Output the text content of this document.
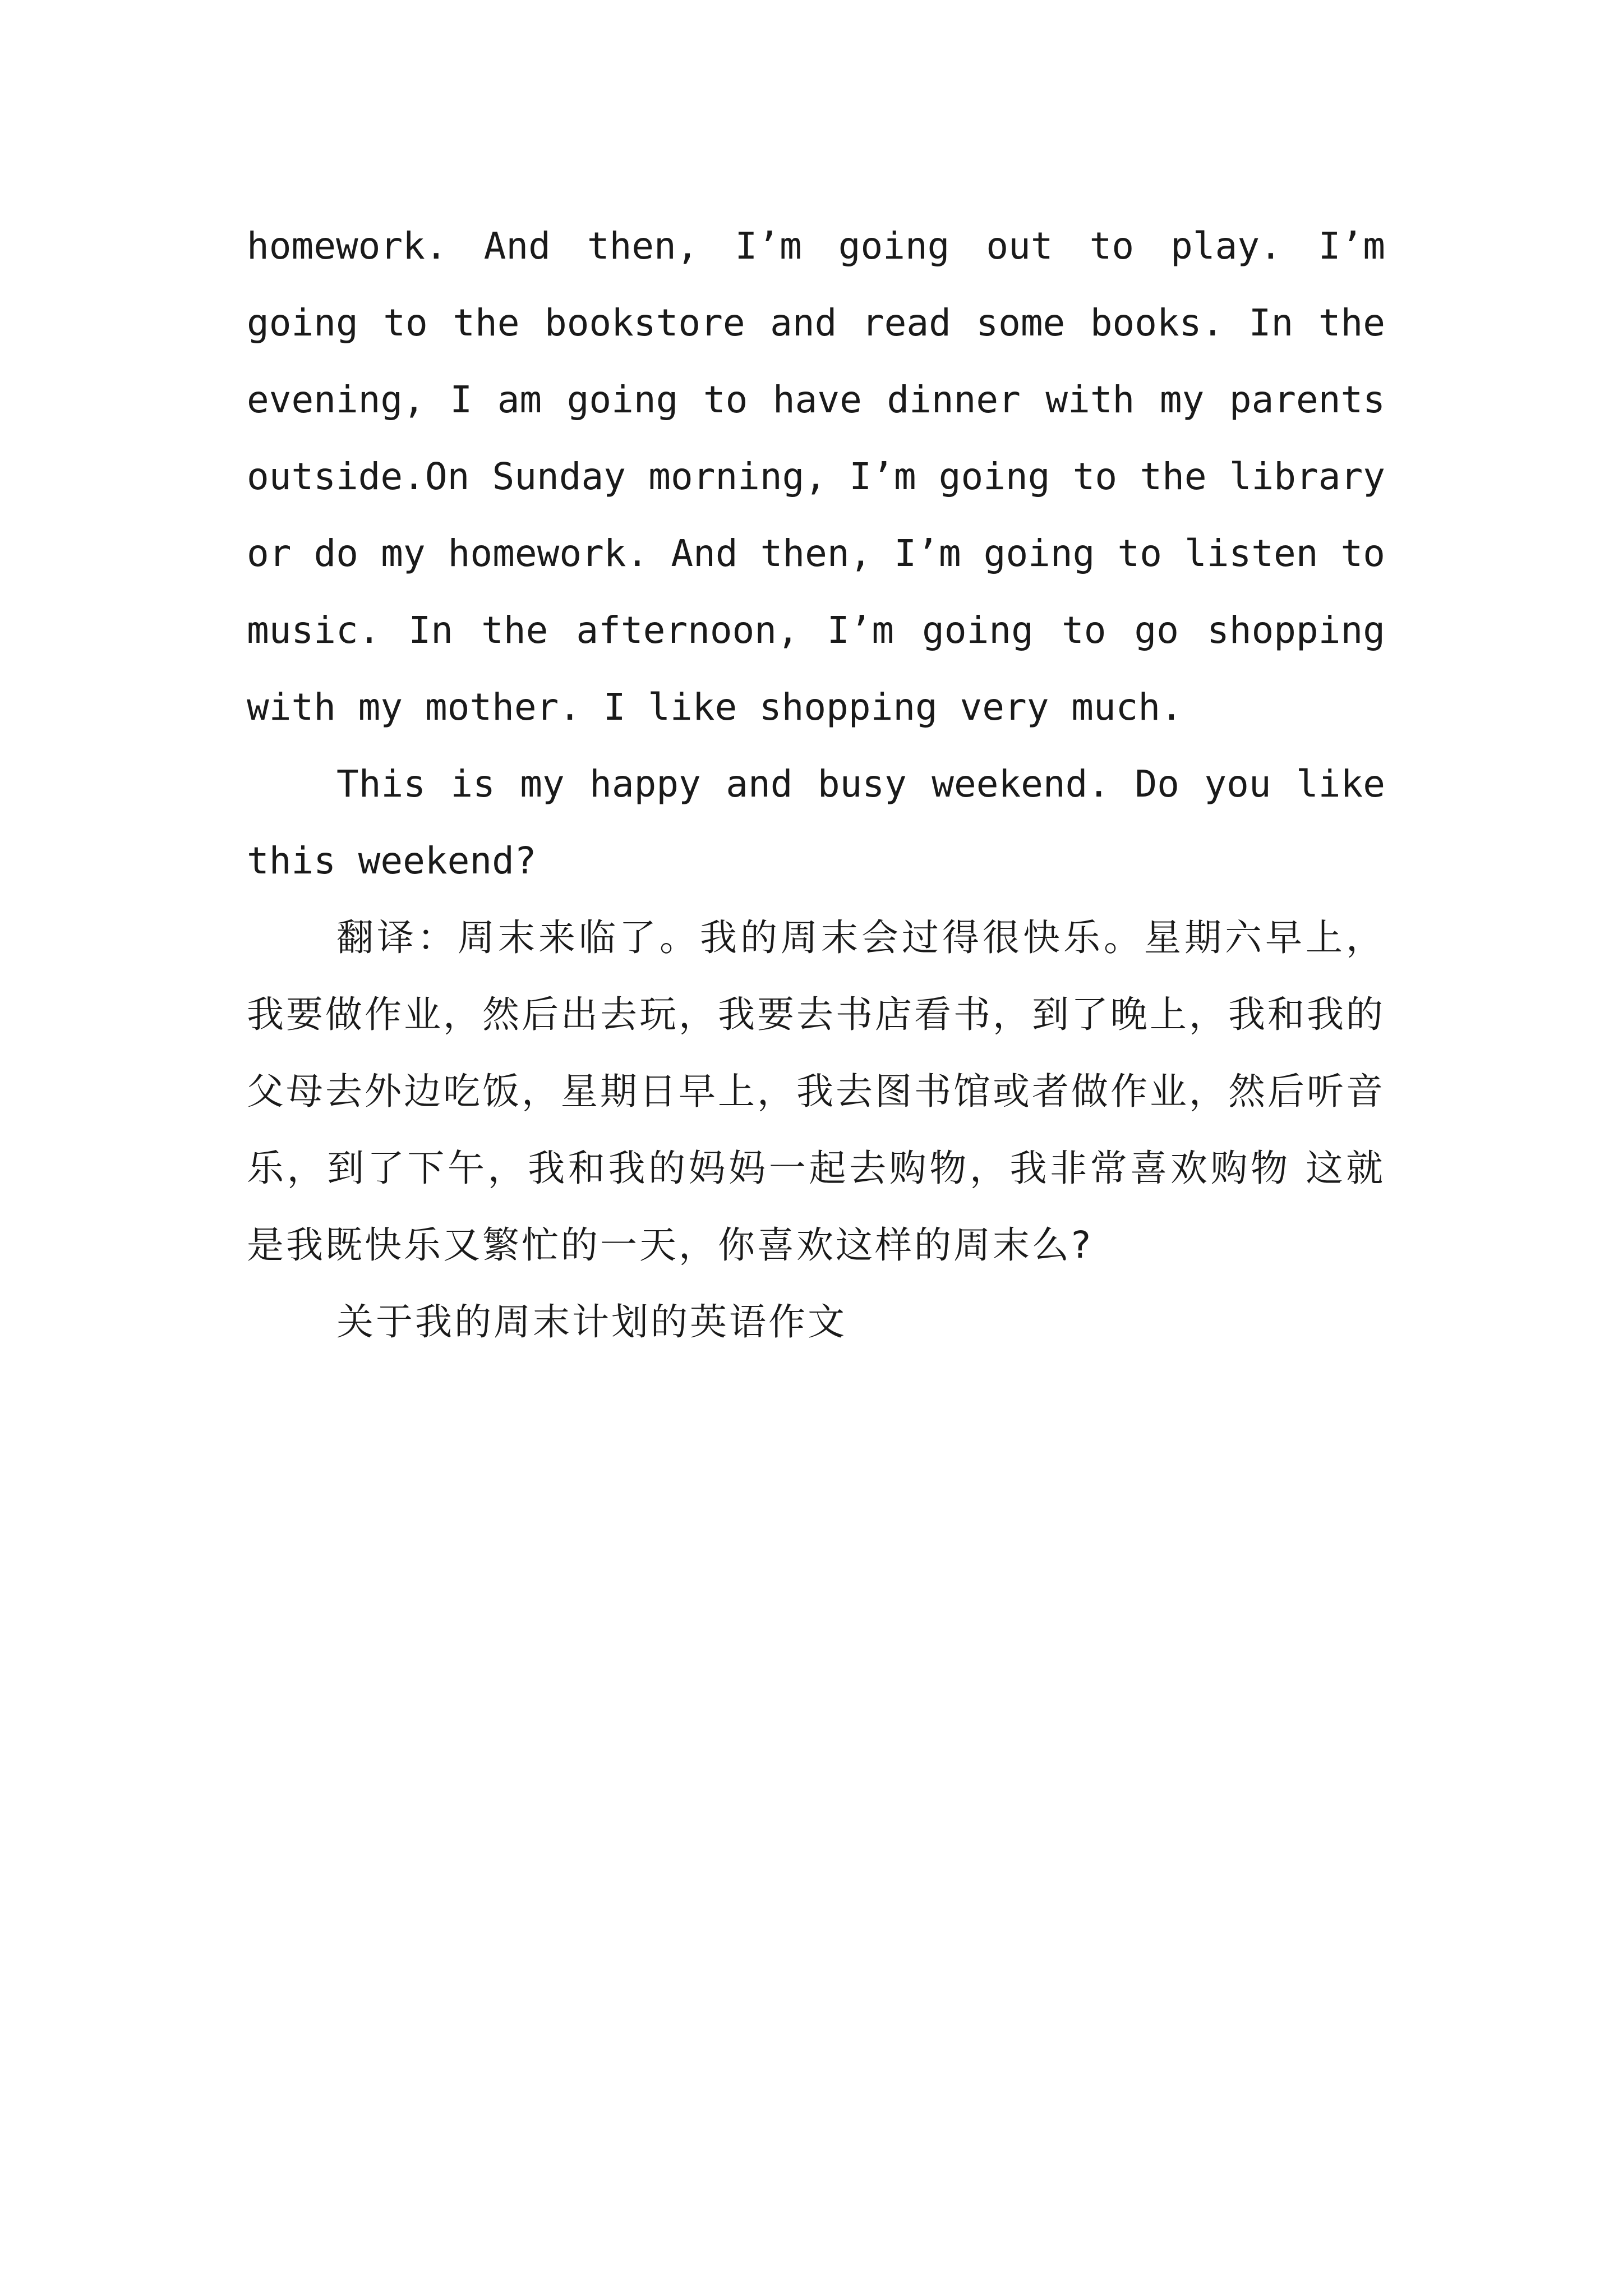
homework. And then, I’m going out to play. I’m going to the bookstore and read some books. In the evening, I am going to have dinner with my parents outside.On Sunday morning, I’m going to the library or do my homework. And then, I’m going to listen to music. In the afternoon, I’m going to go shopping with my mother. I like shopping very much.

This is my happy and busy weekend. Do you like this weekend?

翻译：周末来临了。我的周末会过得很快乐。星期六早上，我要做作业，然后出去玩，我要去书店看书，到了晚上，我和我的父母去外边吃饭，星期日早上，我去图书馆或者做作业，然后听音乐，到了下午，我和我的妈妈一起去购物，我非常喜欢购物 这就是我既快乐又繁忙的一天，你喜欢这样的周末么?

关于我的周末计划的英语作文
